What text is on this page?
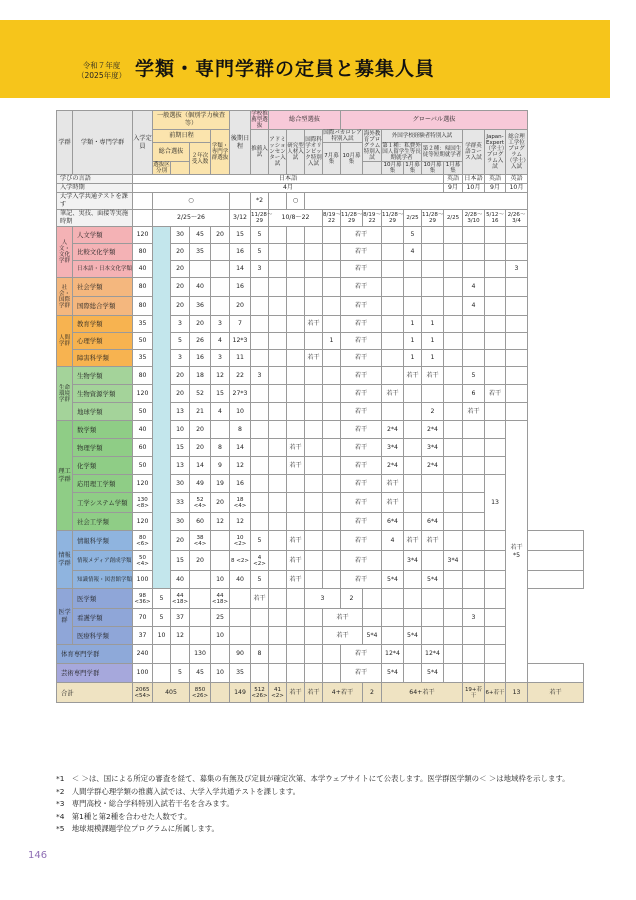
令和７年度
（2025年度） 学類・専門学群の定員と募集人員
学群	学類・専門学群	入学定員	一般選抜（個別学力検査等）				後期日程	学校推薦型選抜	総合型選抜				グローバル選抜									
			前期日程			学類・専門学群選抜		推薦入試	アドミッションセンター入試	研究型人材入試	国際科学オリンピック特別入試	国際バカロレア特別入試		海外教育プログラム特別入試	外国学校経験者特別入試				学群英語コース入試	Japan-Expert（学士）プログラム入試	総合理工学位プログラム（学士）入試	
			総合選抜		２年次受入数							7月募集	10月募集		第１種：私費外国人留学生等長期就学者		第２種：帰国生徒等短期就学者					
			選抜区分別												10月募集	1月募集	10月募集	1月募集				
学びの言語		日本語																英語	日本語	英語	英語	
入学時期		4月																9月	10月	9月	10月	
大学入学共通テストを課す			○					*2		○												
筆記、実技、面接等実施時期			2/25〜26				3/12	11/28〜29	10/8〜22			8/19〜22	11/28〜29	8/19〜22	11/28〜29	2/25	11/28〜29	2/25	2/28〜3/10	5/12〜16	2/26〜3/4	
人文・文化学群	人文学類	120		30	45	20	15	5					若干			5						
	比較文化学類	80		20	35		16	5					若干			4						
	日本語・日本文化学類	40		20			14	3					若干								3	
社会・国際学群	社会学類	80		20	40		16						若干						4			
	国際総合学類	80		20	36		20						若干						4			
人間学群	教育学類	35		3	20	3	7				若干		若干			1	1					
	心理学類	50		5	26	4	12*3					1	若干			1	1					
	障害科学類	35		3	16	3	11				若干		若干			1	1					
生命環境学群	生物学類	80		20	18	12	22	3					若干			若干	若干		5			
	生物資源学類	120		20	52	15	27*3						若干		若干				6	若干		
	地球学類	50		13	21	4	10						若干				2		若干			
理工学群	数学類	40		10	20		8						若干		2*4		2*4				若干 *5	
	物理学類	60		15	20	8	14			若干			若干		3*4		3*4					
	化学類	50		13	14	9	12			若干			若干		2*4		2*4					
	応用理工学類	120		30	49	19	16						若干		若干					13		
	工学システム学類	130 <8>		33	52 <4>	20	18 <4>						若干		若干							
	社会工学類	120		30	60	12	12						若干		6*4		6*4					
情報学群	情報科学類	80 <6>		20	38 <4>		10 <2>	5		若干			若干		4	若干	若干					
	情報メディア創成学類	50 <4>		15	20		8 <2>	4 <2>		若干			若干			3*4		3*4				
	知識情報・図書館学類	100		40		10	40	5		若干			若干		5*4		5*4					
医学群	医学類	98 <36>	5	44 <18>		44 <18>		若干			3		2									
	看護学類	70	5	37		25						若干							3			
	医療科学類	37	10	12		10						若干		5*4		5*4						
体育専門学群		240			130		90	8					若干		12*4		12*4					
芸術専門学群		100		5	45	10	35						若干		5*4		5*4					
合計		2065 <54>	405		850 <26>		149	512 <26>	41 <2>	若干	若干	4+若干		2	64+若干				19+若干	6+若干	13	若干
*1　＜ ＞は、国による所定の審査を経て、募集の有無及び定員が確定次第、本学ウェブサイトにて公表します。医学群医学類の＜ ＞は地域枠を示します。
*2　人間学群心理学類の推薦入試では、大学入学共通テストを課します。
*3　専門高校・総合学科特別入試若干名を含みます。
*4　第1種と第2種を合わせた人数です。
*5　地球規模課題学位プログラムに所属します。
146
